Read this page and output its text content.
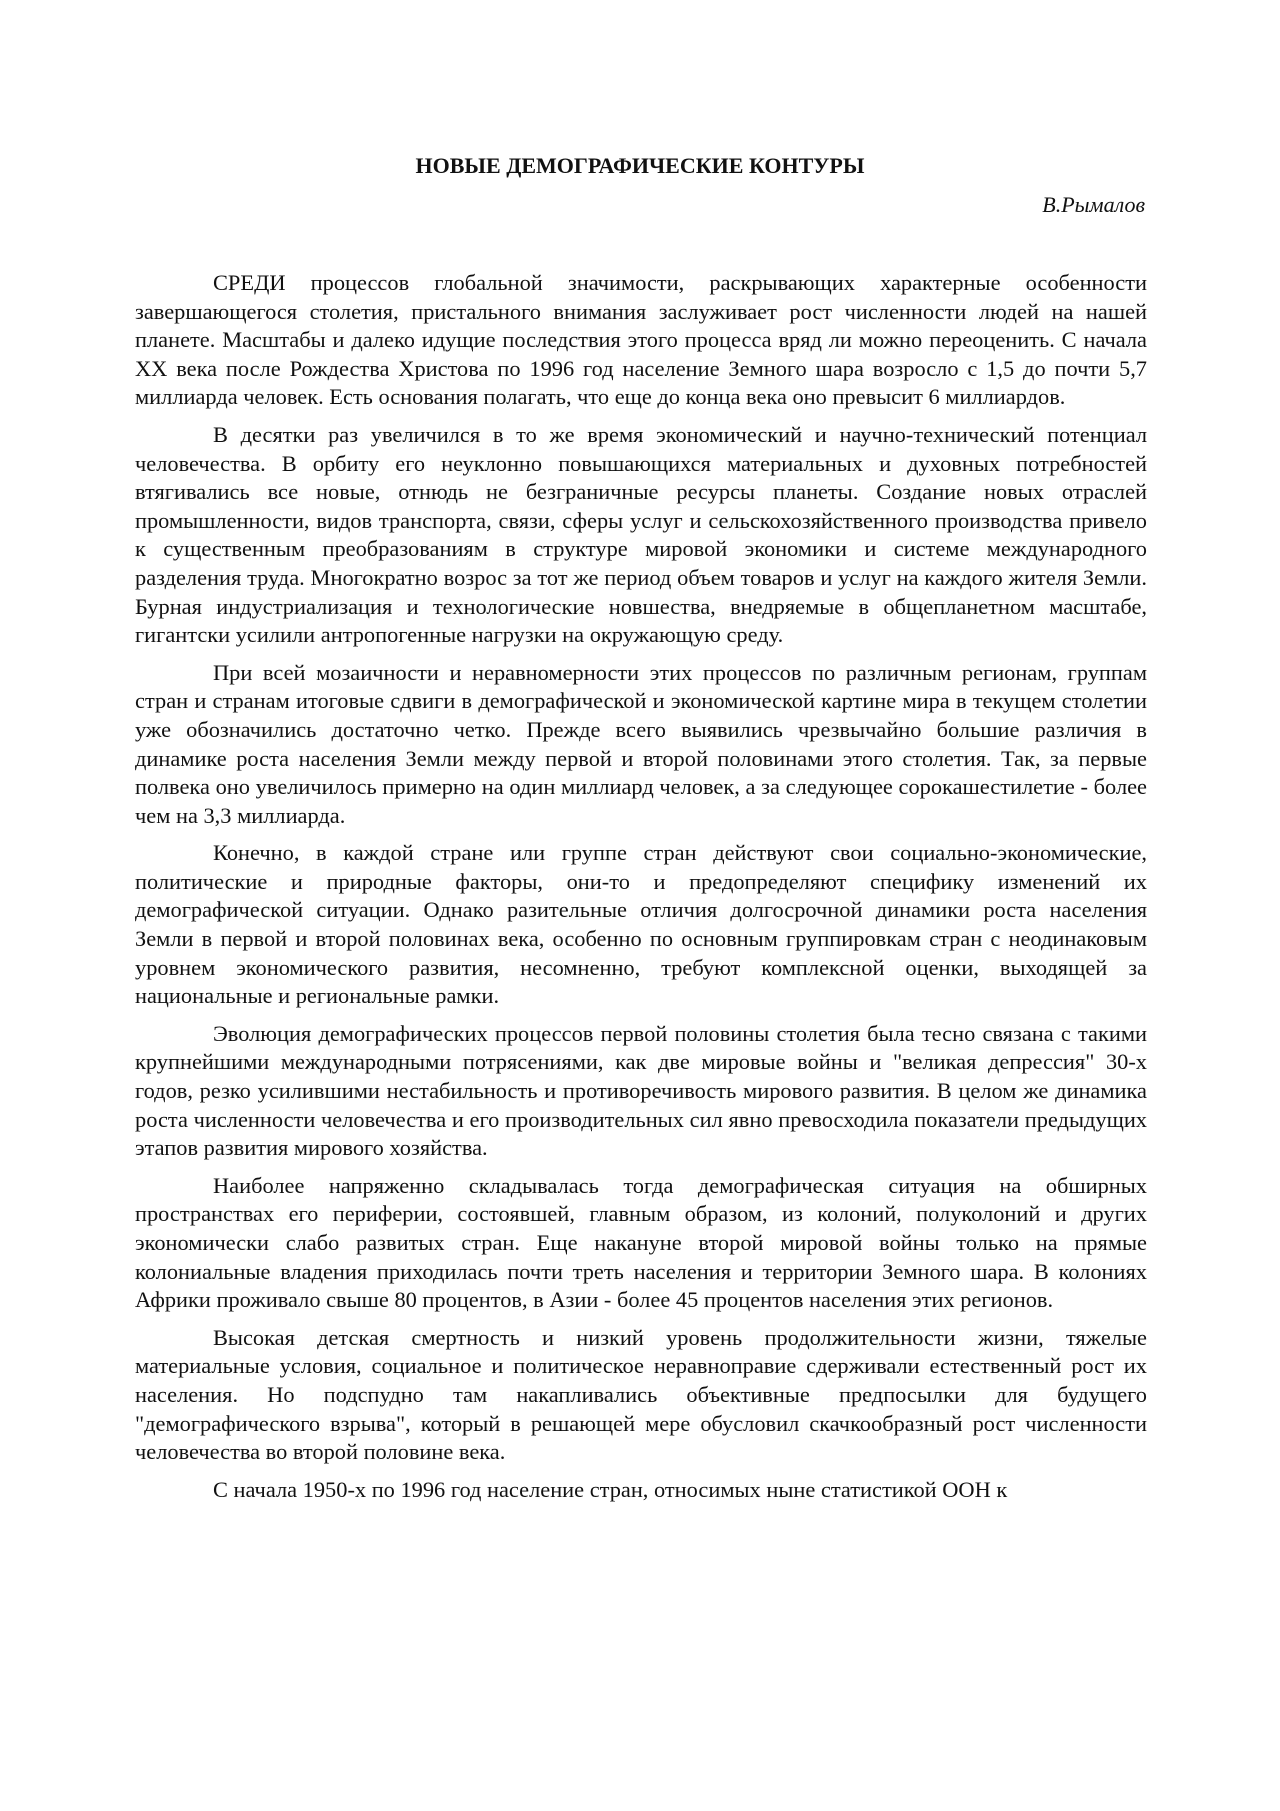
НОВЫЕ ДЕМОГРАФИЧЕСКИЕ КОНТУРЫ

В.Рымалов

СРЕДИ процессов глобальной значимости, раскрывающих характерные особенности завершающегося столетия, пристального внимания заслуживает рост численности людей на нашей планете. Масштабы и далеко идущие последствия этого процесса вряд ли можно переоценить. С начала XX века после Рождества Христова по 1996 год население Земного шара возросло с 1,5 до почти 5,7 миллиарда человек. Есть основания полагать, что еще до конца века оно превысит 6 миллиардов.

В десятки раз увеличился в то же время экономический и научно-технический потенциал человечества. В орбиту его неуклонно повышающихся материальных и духовных потребностей втягивались все новые, отнюдь не безграничные ресурсы планеты. Создание новых отраслей промышленности, видов транспорта, связи, сферы услуг и сельскохозяйственного производства привело к существенным преобразованиям в структуре мировой экономики и системе международного разделения труда. Многократно возрос за тот же период объем товаров и услуг на каждого жителя Земли. Бурная индустриализация и технологические новшества, внедряемые в общепланетном масштабе, гигантски усилили антропогенные нагрузки на окружающую среду.

При всей мозаичности и неравномерности этих процессов по различным регионам, группам стран и странам итоговые сдвиги в демографической и экономической картине мира в текущем столетии уже обозначились достаточно четко. Прежде всего выявились чрезвычайно большие различия в динамике роста населения Земли между первой и второй половинами этого столетия. Так, за первые полвека оно увеличилось примерно на один миллиард человек, а за следующее сорокашестилетие - более чем на 3,3 миллиарда.

Конечно, в каждой стране или группе стран действуют свои социально-экономические, политические и природные факторы, они-то и предопределяют специфику изменений их демографической ситуации. Однако разительные отличия долгосрочной динамики роста населения Земли в первой и второй половинах века, особенно по основным группировкам стран с неодинаковым уровнем экономического развития, несомненно, требуют комплексной оценки, выходящей за национальные и региональные рамки.

Эволюция демографических процессов первой половины столетия была тесно связана с такими крупнейшими международными потрясениями, как две мировые войны и "великая депрессия" 30-х годов, резко усилившими нестабильность и противоречивость мирового развития. В целом же динамика роста численности человечества и его производительных сил явно превосходила показатели предыдущих этапов развития мирового хозяйства.

Наиболее напряженно складывалась тогда демографическая ситуация на обширных пространствах его периферии, состоявшей, главным образом, из колоний, полуколоний и других экономически слабо развитых стран. Еще накануне второй мировой войны только на прямые колониальные владения приходилась почти треть населения и территории Земного шара. В колониях Африки проживало свыше 80 процентов, в Азии - более 45 процентов населения этих регионов.

Высокая детская смертность и низкий уровень продолжительности жизни, тяжелые материальные условия, социальное и политическое неравноправие сдерживали естественный рост их населения. Но подспудно там накапливались объективные предпосылки для будущего "демографического взрыва", который в решающей мере обусловил скачкообразный рост численности человечества во второй половине века.

С начала 1950-х по 1996 год население стран, относимых ныне статистикой ООН к
